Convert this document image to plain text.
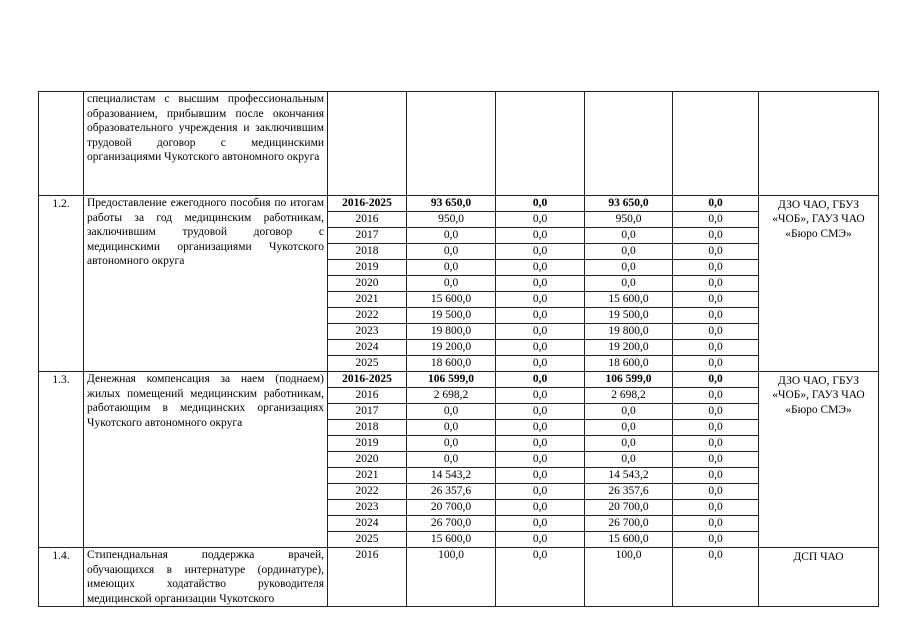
	специалистам с высшим профессиональным образованием, прибывшим после окончания образовательного учреждения и заключившим трудовой договор с медицинскими организациями Чукотского автономного округа						
1.2.	Предоставление ежегодного пособия по итогам работы за год медицинским работникам, заключившим трудовой договор с медицинскими организациями Чукотского автономного округа	2016-2025	93 650,0	0,0	93 650,0	0,0	ДЗО ЧАО, ГБУЗ «ЧОБ», ГАУЗ ЧАО «Бюро СМЭ»
		2016	950,0	0,0	950,0	0,0	
		2017	0,0	0,0	0,0	0,0	
		2018	0,0	0,0	0,0	0,0	
		2019	0,0	0,0	0,0	0,0	
		2020	0,0	0,0	0,0	0,0	
		2021	15 600,0	0,0	15 600,0	0,0	
		2022	19 500,0	0,0	19 500,0	0,0	
		2023	19 800,0	0,0	19 800,0	0,0	
		2024	19 200,0	0,0	19 200,0	0,0	
		2025	18 600,0	0,0	18 600,0	0,0	
1.3.	Денежная компенсация за наем (поднаем) жилых помещений медицинским работникам, работающим в медицинских организациях Чукотского автономного округа	2016-2025	106 599,0	0,0	106 599,0	0,0	ДЗО ЧАО, ГБУЗ «ЧОБ», ГАУЗ ЧАО «Бюро СМЭ»
		2016	2 698,2	0,0	2 698,2	0,0	
		2017	0,0	0,0	0,0	0,0	
		2018	0,0	0,0	0,0	0,0	
		2019	0,0	0,0	0,0	0,0	
		2020	0,0	0,0	0,0	0,0	
		2021	14 543,2	0,0	14 543,2	0,0	
		2022	26 357,6	0,0	26 357,6	0,0	
		2023	20 700,0	0,0	20 700,0	0,0	
		2024	26 700,0	0,0	26 700,0	0,0	
		2025	15 600,0	0,0	15 600,0	0,0	
1.4.	Стипендиальная поддержка врачей, обучающихся в интернатуре (ординатуре), имеющих ходатайство руководителя медицинской организации Чукотского	2016	100,0	0,0	100,0	0,0	ДСП ЧАО
